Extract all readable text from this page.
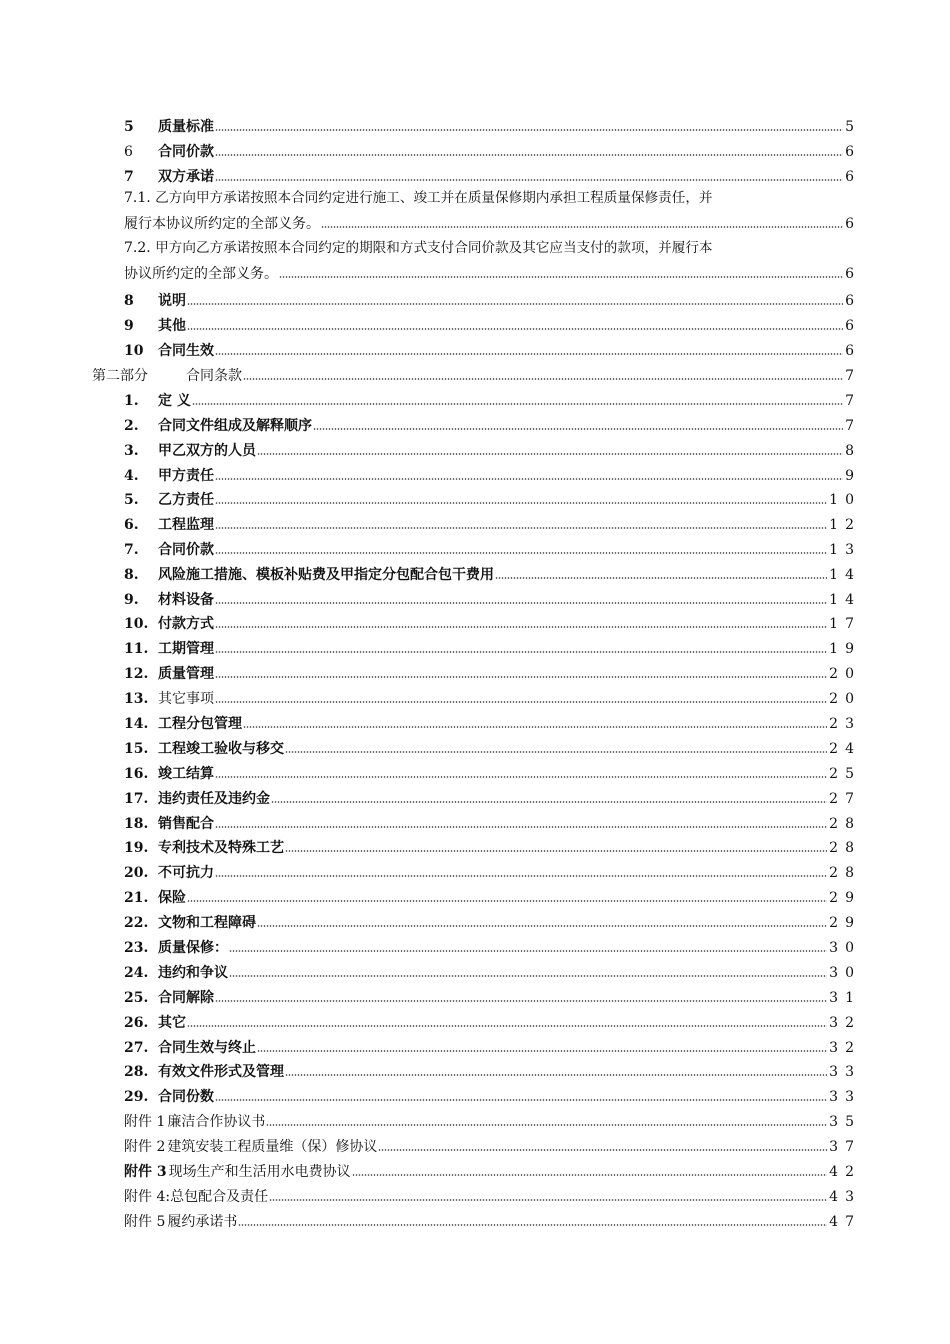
5	质量标准	5
6	合同价款	6
7	双方承诺	6
7.1. 乙方向甲方承诺按照本合同约定进行施工、竣工并在质量保修期内承担工程质量保修责任，并
履行本协议所约定的全部义务。	6
7.2. 甲方向乙方承诺按照本合同约定的期限和方式支付合同价款及其它应当支付的款项，并履行本
协议所约定的全部义务。	6
8	说明	6
9	其他	6
10	合同生效	6
第二部分	合同条款	7
1.	定 义	7
2.	合同文件组成及解释顺序	7
3.	甲乙双方的人员	8
4.	甲方责任	9
5.	乙方责任	10
6.	工程监理	12
7.	合同价款	13
8.	风险施工措施、模板补贴费及甲指定分包配合包干费用	14
9.	材料设备	14
10. 付款方式	17
11. 工期管理	19
12. 质量管理	20
13. 其它事项	20
14. 工程分包管理	23
15. 工程竣工验收与移交	24
16. 竣工结算	25
17. 违约责任及违约金	27
18. 销售配合	28
19. 专利技术及特殊工艺	28
20. 不可抗力	28
21. 保险	29
22. 文物和工程障碍	29
23. 质量保修：	30
24. 违约和争议	30
25. 合同解除	31
26. 其它	32
27. 合同生效与终止	32
28. 有效文件形式及管理	33
29. 合同份数	33
附件 1 廉洁合作协议书	35
附件 2 建筑安装工程质量维（保）修协议	37
附件 3 现场生产和生活用水电费协议	42
附件 4: 总包配合及责任	43
附件 5 履约承诺书	47
